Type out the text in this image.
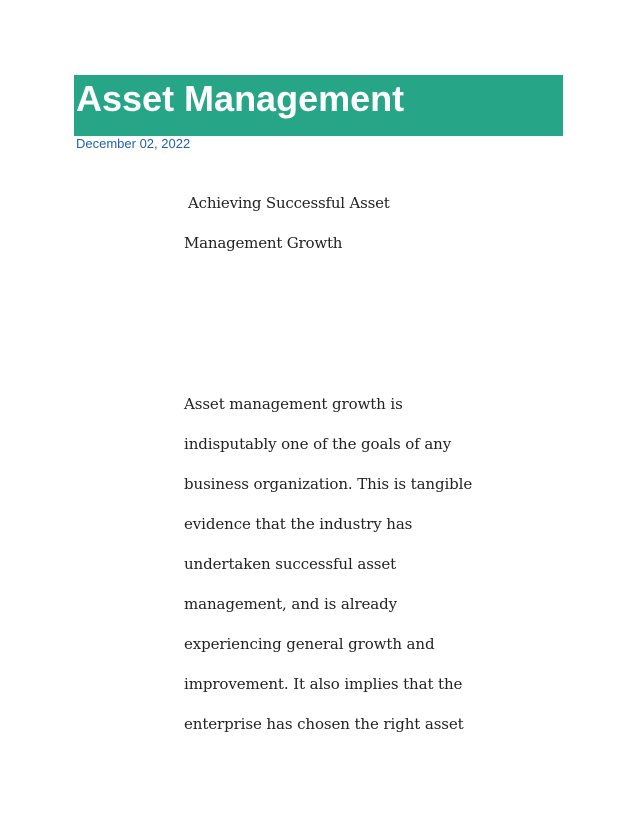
Asset Management
December 02, 2022
Achieving Successful Asset
Management Growth
Asset management growth is
indisputably one of the goals of any
business organization. This is tangible
evidence that the industry has
undertaken successful asset
management, and is already
experiencing general growth and
improvement. It also implies that the
enterprise has chosen the right asset
